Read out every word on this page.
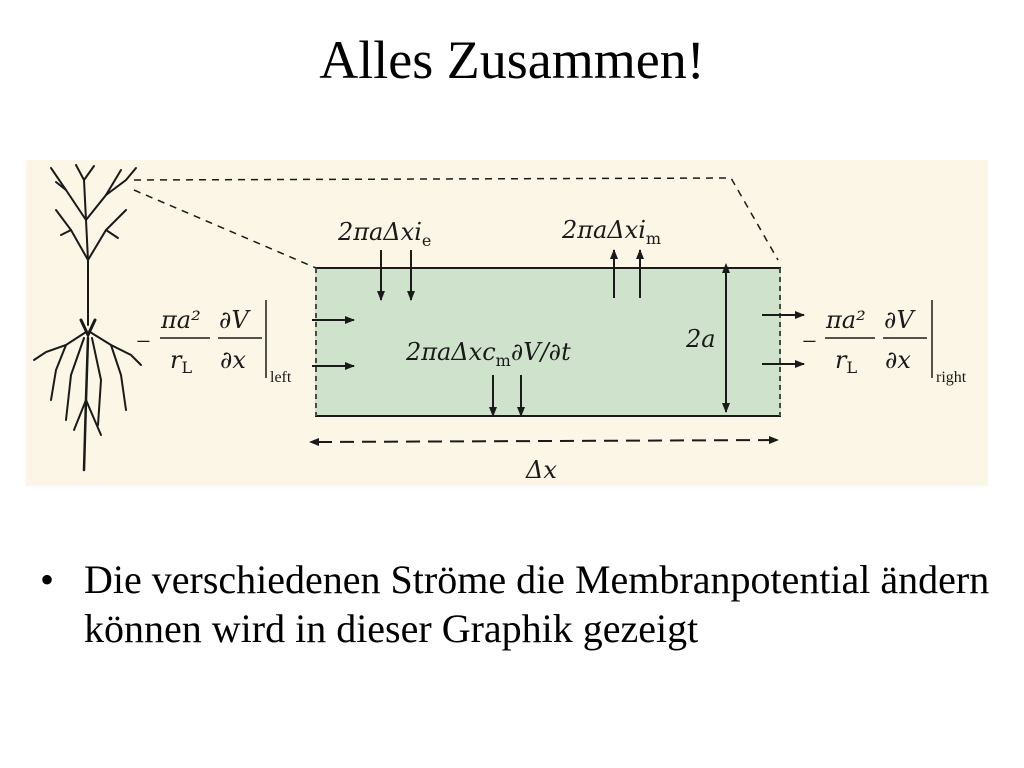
Alles Zusammen!
2πaΔxi$_e$	2πaΔxi$_m$
2πaΔxc$_m$∂V/∂t	2a
Δx
−
πa²
$r_L$
∂V
∂x
left
−
πa²
$r_L$
∂V
∂x
right
• Die verschiedenen Ströme die Membranpotential ändern können wird in dieser Graphik gezeigt
